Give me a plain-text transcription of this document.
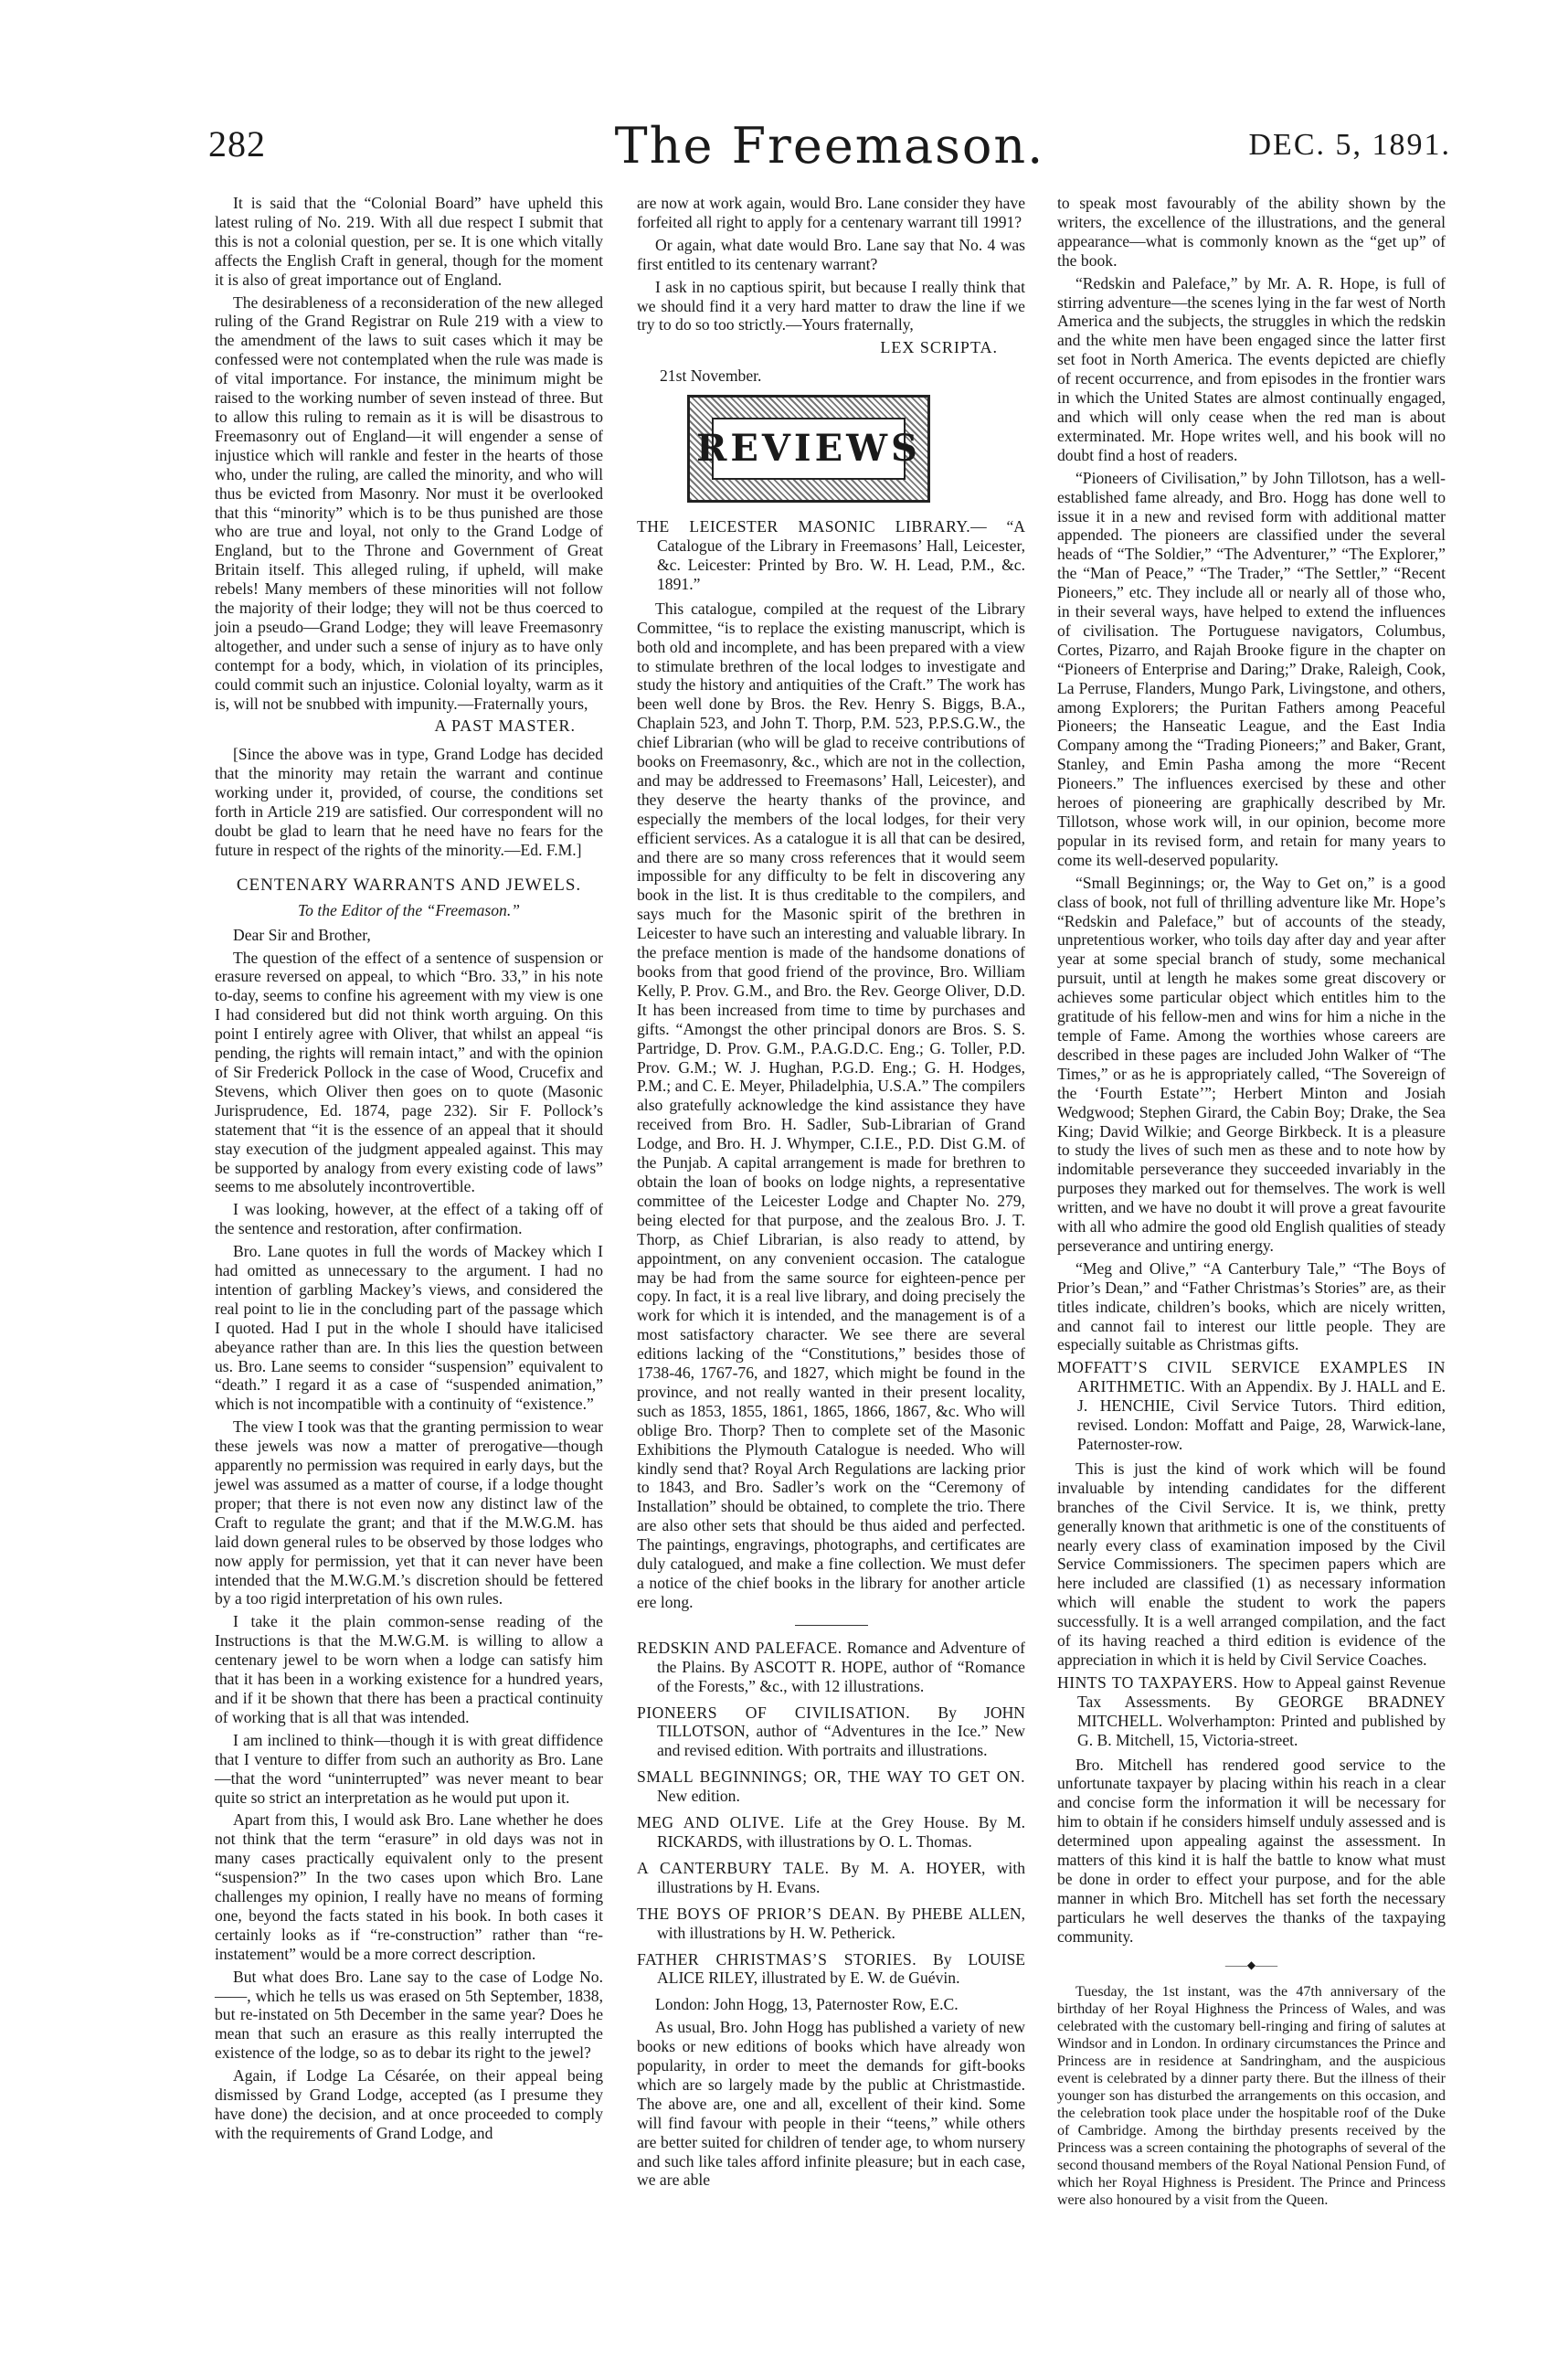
282	The Freemason.	DEC. 5, 1891.

It is said that the “Colonial Board” have upheld this latest ruling of No. 219. With all due respect I submit that this is not a colonial question, per se. It is one which vitally affects the English Craft in general, though for the moment it is also of great importance out of England.

The desirableness of a reconsideration of the new alleged ruling of the Grand Registrar on Rule 219 with a view to the amendment of the laws to suit cases which it may be confessed were not contemplated when the rule was made is of vital importance. For instance, the minimum might be raised to the working number of seven instead of three. But to allow this ruling to remain as it is will be disastrous to Freemasonry out of England—it will engender a sense of injustice which will rankle and fester in the hearts of those who, under the ruling, are called the minority, and who will thus be evicted from Masonry. Nor must it be overlooked that this “minority” which is to be thus punished are those who are true and loyal, not only to the Grand Lodge of England, but to the Throne and Government of Great Britain itself. This alleged ruling, if upheld, will make rebels! Many members of these minorities will not follow the majority of their lodge; they will not be thus coerced to join a pseudo—Grand Lodge; they will leave Freemasonry altogether, and under such a sense of injury as to have only contempt for a body, which, in violation of its principles, could commit such an injustice. Colonial loyalty, warm as it is, will not be snubbed with impunity.—Fraternally yours,

A PAST MASTER.

[Since the above was in type, Grand Lodge has decided that the minority may retain the warrant and continue working under it, provided, of course, the conditions set forth in Article 219 are satisfied. Our correspondent will no doubt be glad to learn that he need have no fears for the future in respect of the rights of the minority.—Ed. F.M.]

CENTENARY WARRANTS AND JEWELS.
To the Editor of the “Freemason.”
Dear Sir and Brother,

The question of the effect of a sentence of suspension or erasure reversed on appeal, to which “Bro. 33,” in his note to-day, seems to confine his agreement with my view is one I had considered but did not think worth arguing. On this point I entirely agree with Oliver, that whilst an appeal “is pending, the rights will remain intact,” and with the opinion of Sir Frederick Pollock in the case of Wood, Crucefix and Stevens, which Oliver then goes on to quote (Masonic Jurisprudence, Ed. 1874, page 232). Sir F. Pollock’s statement that “it is the essence of an appeal that it should stay execution of the judgment appealed against. This may be supported by analogy from every existing code of laws” seems to me absolutely incontrovertible.

I was looking, however, at the effect of a taking off of the sentence and restoration, after confirmation.

Bro. Lane quotes in full the words of Mackey which I had omitted as unnecessary to the argument. I had no intention of garbling Mackey’s views, and considered the real point to lie in the concluding part of the passage which I quoted. Had I put in the whole I should have italicised abeyance rather than are. In this lies the question between us. Bro. Lane seems to consider “suspension” equivalent to “death.” I regard it as a case of “suspended animation,” which is not incompatible with a continuity of “existence.”

The view I took was that the granting permission to wear these jewels was now a matter of prerogative—though apparently no permission was required in early days, but the jewel was assumed as a matter of course, if a lodge thought proper; that there is not even now any distinct law of the Craft to regulate the grant; and that if the M.W.G.M. has laid down general rules to be observed by those lodges who now apply for permission, yet that it can never have been intended that the M.W.G.M.’s discretion should be fettered by a too rigid interpretation of his own rules.

I take it the plain common-sense reading of the Instructions is that the M.W.G.M. is willing to allow a centenary jewel to be worn when a lodge can satisfy him that it has been in a working existence for a hundred years, and if it be shown that there has been a practical continuity of working that is all that was intended.

I am inclined to think—though it is with great diffidence that I venture to differ from such an authority as Bro. Lane—that the word “uninterrupted” was never meant to bear quite so strict an interpretation as he would put upon it.

Apart from this, I would ask Bro. Lane whether he does not think that the term “erasure” in old days was not in many cases practically equivalent only to the present “suspension?” In the two cases upon which Bro. Lane challenges my opinion, I really have no means of forming one, beyond the facts stated in his book. In both cases it certainly looks as if “re-construction” rather than “re-instatement” would be a more correct description.

But what does Bro. Lane say to the case of Lodge No.——, which he tells us was erased on 5th September, 1838, but re-instated on 5th December in the same year? Does he mean that such an erasure as this really interrupted the existence of the lodge, so as to debar its right to the jewel?

Again, if Lodge La Césarée, on their appeal being dismissed by Grand Lodge, accepted (as I presume they have done) the decision, and at once proceeded to comply with the requirements of Grand Lodge, and

are now at work again, would Bro. Lane consider they have forfeited all right to apply for a centenary warrant till 1991?

Or again, what date would Bro. Lane say that No. 4 was first entitled to its centenary warrant?

I ask in no captious spirit, but because I really think that we should find it a very hard matter to draw the line if we try to do so too strictly.—Yours fraternally,

LEX SCRIPTA.
21st November.
REVIEWS
THE LEICESTER MASONIC LIBRARY.— “A Catalogue of the Library in Freemasons’ Hall, Leicester, &c. Leicester: Printed by Bro. W. H. Lead, P.M., &c. 1891.”

This catalogue, compiled at the request of the Library Committee, “is to replace the existing manuscript, which is both old and incomplete, and has been prepared with a view to stimulate brethren of the local lodges to investigate and study the history and antiquities of the Craft.” The work has been well done by Bros. the Rev. Henry S. Biggs, B.A., Chaplain 523, and John T. Thorp, P.M. 523, P.P.S.G.W., the chief Librarian (who will be glad to receive contributions of books on Freemasonry, &c., which are not in the collection, and may be addressed to Freemasons’ Hall, Leicester), and they deserve the hearty thanks of the province, and especially the members of the local lodges, for their very efficient services. As a catalogue it is all that can be desired, and there are so many cross references that it would seem impossible for any difficulty to be felt in discovering any book in the list. It is thus creditable to the compilers, and says much for the Masonic spirit of the brethren in Leicester to have such an interesting and valuable library. In the preface mention is made of the handsome donations of books from that good friend of the province, Bro. William Kelly, P. Prov. G.M., and Bro. the Rev. George Oliver, D.D. It has been increased from time to time by purchases and gifts. “Amongst the other principal donors are Bros. S. S. Partridge, D. Prov. G.M., P.A.G.D.C. Eng.; G. Toller, P.D. Prov. G.M.; W. J. Hughan, P.G.D. Eng.; G. H. Hodges, P.M.; and C. E. Meyer, Philadelphia, U.S.A.” The compilers also gratefully acknowledge the kind assistance they have received from Bro. H. Sadler, Sub-Librarian of Grand Lodge, and Bro. H. J. Whymper, C.I.E., P.D. Dist G.M. of the Punjab. A capital arrangement is made for brethren to obtain the loan of books on lodge nights, a representative committee of the Leicester Lodge and Chapter No. 279, being elected for that purpose, and the zealous Bro. J. T. Thorp, as Chief Librarian, is also ready to attend, by appointment, on any convenient occasion. The catalogue may be had from the same source for eighteen-pence per copy. In fact, it is a real live library, and doing precisely the work for which it is intended, and the management is of a most satisfactory character. We see there are several editions lacking of the “Constitutions,” besides those of 1738-46, 1767-76, and 1827, which might be found in the province, and not really wanted in their present locality, such as 1853, 1855, 1861, 1865, 1866, 1867, &c. Who will oblige Bro. Thorp? Then to complete set of the Masonic Exhibitions the Plymouth Catalogue is needed. Who will kindly send that? Royal Arch Regulations are lacking prior to 1843, and Bro. Sadler’s work on the “Ceremony of Installation” should be obtained, to complete the trio. There are also other sets that should be thus aided and perfected. The paintings, engravings, photographs, and certificates are duly catalogued, and make a fine collection. We must defer a notice of the chief books in the library for another article ere long.

REDSKIN AND PALEFACE. Romance and Adventure of the Plains. By ASCOTT R. HOPE, author of “Romance of the Forests,” &c., with 12 illustrations.
PIONEERS OF CIVILISATION. By JOHN TILLOTSON, author of “Adventures in the Ice.” New and revised edition. With portraits and illustrations.
SMALL BEGINNINGS; OR, THE WAY TO GET ON. New edition.
MEG AND OLIVE. Life at the Grey House. By M. RICKARDS, with illustrations by O. L. Thomas.
A CANTERBURY TALE. By M. A. HOYER, with illustrations by H. Evans.
THE BOYS OF PRIOR’S DEAN. By PHEBE ALLEN, with illustrations by H. W. Petherick.
FATHER CHRISTMAS’S STORIES. By LOUISE ALICE RILEY, illustrated by E. W. de Guévin.
London: John Hogg, 13, Paternoster Row, E.C.

As usual, Bro. John Hogg has published a variety of new books or new editions of books which have already won popularity, in order to meet the demands for gift-books which are so largely made by the public at Christmastide. The above are, one and all, excellent of their kind. Some will find favour with people in their “teens,” while others are better suited for children of tender age, to whom nursery and such like tales afford infinite pleasure; but in each case, we are able

to speak most favourably of the ability shown by the writers, the excellence of the illustrations, and the general appearance—what is commonly known as the “get up” of the book.

“Redskin and Paleface,” by Mr. A. R. Hope, is full of stirring adventure—the scenes lying in the far west of North America and the subjects, the struggles in which the redskin and the white men have been engaged since the latter first set foot in North America. The events depicted are chiefly of recent occurrence, and from episodes in the frontier wars in which the United States are almost continually engaged, and which will only cease when the red man is about exterminated. Mr. Hope writes well, and his book will no doubt find a host of readers.

“Pioneers of Civilisation,” by John Tillotson, has a well-established fame already, and Bro. Hogg has done well to issue it in a new and revised form with additional matter appended. The pioneers are classified under the several heads of “The Soldier,” “The Adventurer,” “The Explorer,” the “Man of Peace,” “The Trader,” “The Settler,” “Recent Pioneers,” etc. They include all or nearly all of those who, in their several ways, have helped to extend the influences of civilisation. The Portuguese navigators, Columbus, Cortes, Pizarro, and Rajah Brooke figure in the chapter on “Pioneers of Enterprise and Daring;” Drake, Raleigh, Cook, La Perruse, Flanders, Mungo Park, Livingstone, and others, among Explorers; the Puritan Fathers among Peaceful Pioneers; the Hanseatic League, and the East India Company among the “Trading Pioneers;” and Baker, Grant, Stanley, and Emin Pasha among the more “Recent Pioneers.” The influences exercised by these and other heroes of pioneering are graphically described by Mr. Tillotson, whose work will, in our opinion, become more popular in its revised form, and retain for many years to come its well-deserved popularity.

“Small Beginnings; or, the Way to Get on,” is a good class of book, not full of thrilling adventure like Mr. Hope’s “Redskin and Paleface,” but of accounts of the steady, unpretentious worker, who toils day after day and year after year at some special branch of study, some mechanical pursuit, until at length he makes some great discovery or achieves some particular object which entitles him to the gratitude of his fellow-men and wins for him a niche in the temple of Fame. Among the worthies whose careers are described in these pages are included John Walker of “The Times,” or as he is appropriately called, “The Sovereign of the ‘Fourth Estate’”; Herbert Minton and Josiah Wedgwood; Stephen Girard, the Cabin Boy; Drake, the Sea King; David Wilkie; and George Birkbeck. It is a pleasure to study the lives of such men as these and to note how by indomitable perseverance they succeeded invariably in the purposes they marked out for themselves. The work is well written, and we have no doubt it will prove a great favourite with all who admire the good old English qualities of steady perseverance and untiring energy.

“Meg and Olive,” “A Canterbury Tale,” “The Boys of Prior’s Dean,” and “Father Christmas’s Stories” are, as their titles indicate, children’s books, which are nicely written, and cannot fail to interest our little people. They are especially suitable as Christmas gifts.

MOFFATT’S CIVIL SERVICE EXAMPLES IN ARITHMETIC. With an Appendix. By J. HALL and E. J. HENCHIE, Civil Service Tutors. Third edition, revised. London: Moffatt and Paige, 28, Warwick-lane, Paternoster-row.

This is just the kind of work which will be found invaluable by intending candidates for the different branches of the Civil Service. It is, we think, pretty generally known that arithmetic is one of the constituents of nearly every class of examination imposed by the Civil Service Commissioners. The specimen papers which are here included are classified (1) as necessary information which will enable the student to work the papers successfully. It is a well arranged compilation, and the fact of its having reached a third edition is evidence of the appreciation in which it is held by Civil Service Coaches.

HINTS TO TAXPAYERS. How to Appeal gainst Revenue Tax Assessments. By GEORGE BRADNEY MITCHELL. Wolverhampton: Printed and published by G. B. Mitchell, 15, Victoria-street.

Bro. Mitchell has rendered good service to the unfortunate taxpayer by placing within his reach in a clear and concise form the information it will be necessary for him to obtain if he considers himself unduly assessed and is determined upon appealing against the assessment. In matters of this kind it is half the battle to know what must be done in order to effect your purpose, and for the able manner in which Bro. Mitchell has set forth the necessary particulars he well deserves the thanks of the taxpaying community.

——◆——

Tuesday, the 1st instant, was the 47th anniversary of the birthday of her Royal Highness the Princess of Wales, and was celebrated with the customary bell-ringing and firing of salutes at Windsor and in London. In ordinary circumstances the Prince and Princess are in residence at Sandringham, and the auspicious event is celebrated by a dinner party there. But the illness of their younger son has disturbed the arrangements on this occasion, and the celebration took place under the hospitable roof of the Duke of Cambridge. Among the birthday presents received by the Princess was a screen containing the photographs of several of the second thousand members of the Royal National Pension Fund, of which her Royal Highness is President. The Prince and Princess were also honoured by a visit from the Queen.
